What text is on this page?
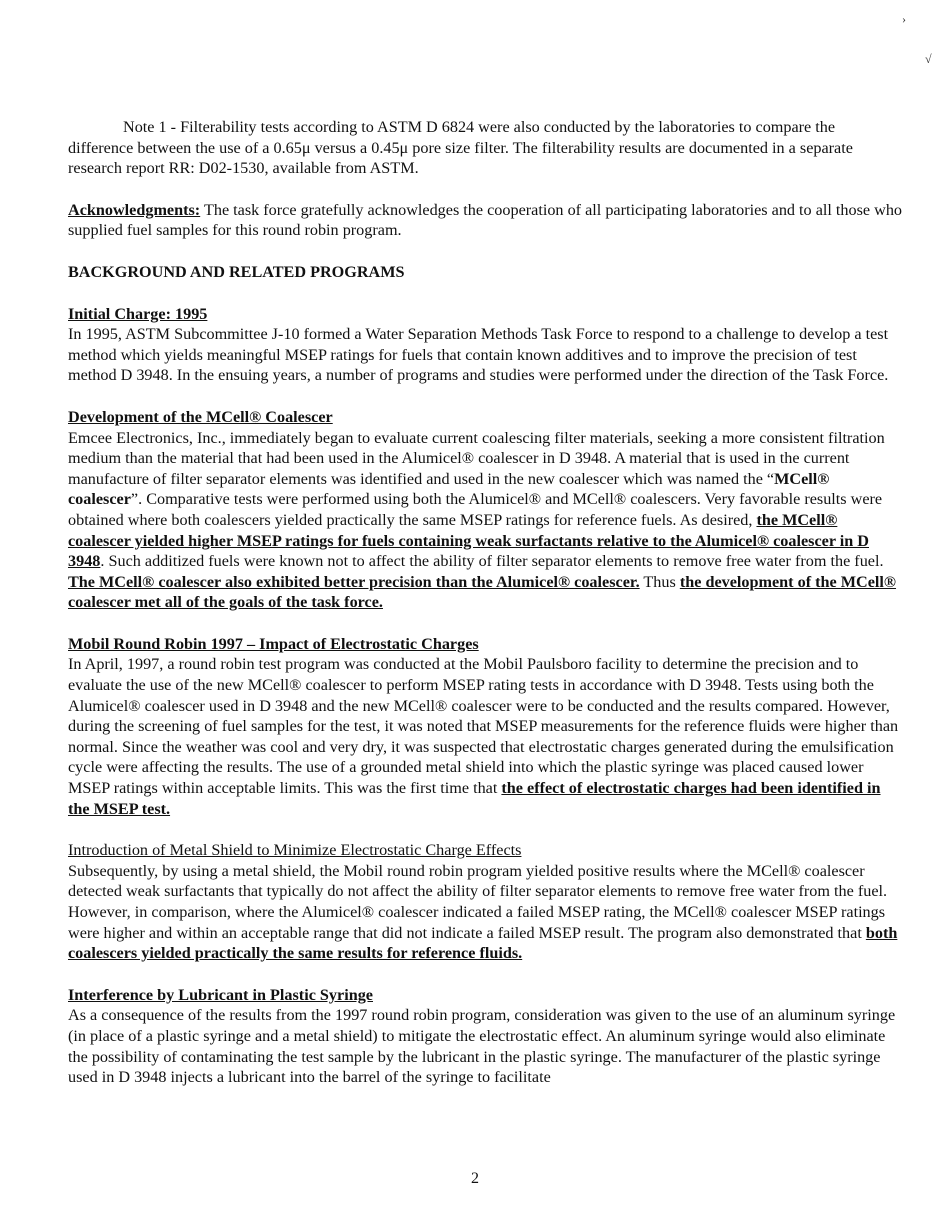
›
√

Note 1 - Filterability tests according to ASTM D 6824 were also conducted by the laboratories to compare the difference between the use of a 0.65μ versus a 0.45μ pore size filter. The filterability results are documented in a separate research report RR: D02-1530, available from ASTM.

Acknowledgments: The task force gratefully acknowledges the cooperation of all participating laboratories and to all those who supplied fuel samples for this round robin program.

BACKGROUND AND RELATED PROGRAMS

Initial Charge: 1995

In 1995, ASTM Subcommittee J-10 formed a Water Separation Methods Task Force to respond to a challenge to develop a test method which yields meaningful MSEP ratings for fuels that contain known additives and to improve the precision of test method D 3948. In the ensuing years, a number of programs and studies were performed under the direction of the Task Force.

Development of the MCell® Coalescer

Emcee Electronics, Inc., immediately began to evaluate current coalescing filter materials, seeking a more consistent filtration medium than the material that had been used in the Alumicel® coalescer in D 3948. A material that is used in the current manufacture of filter separator elements was identified and used in the new coalescer which was named the “MCell® coalescer”. Comparative tests were performed using both the Alumicel® and MCell® coalescers. Very favorable results were obtained where both coalescers yielded practically the same MSEP ratings for reference fuels. As desired, the MCell® coalescer yielded higher MSEP ratings for fuels containing weak surfactants relative to the Alumicel® coalescer in D 3948. Such additized fuels were known not to affect the ability of filter separator elements to remove free water from the fuel. The MCell® coalescer also exhibited better precision than the Alumicel® coalescer. Thus the development of the MCell® coalescer met all of the goals of the task force.

Mobil Round Robin 1997 – Impact of Electrostatic Charges

In April, 1997, a round robin test program was conducted at the Mobil Paulsboro facility to determine the precision and to evaluate the use of the new MCell® coalescer to perform MSEP rating tests in accordance with D 3948. Tests using both the Alumicel® coalescer used in D 3948 and the new MCell® coalescer were to be conducted and the results compared. However, during the screening of fuel samples for the test, it was noted that MSEP measurements for the reference fluids were higher than normal. Since the weather was cool and very dry, it was suspected that electrostatic charges generated during the emulsification cycle were affecting the results. The use of a grounded metal shield into which the plastic syringe was placed caused lower MSEP ratings within acceptable limits. This was the first time that the effect of electrostatic charges had been identified in the MSEP test.

Introduction of Metal Shield to Minimize Electrostatic Charge Effects

Subsequently, by using a metal shield, the Mobil round robin program yielded positive results where the MCell® coalescer detected weak surfactants that typically do not affect the ability of filter separator elements to remove free water from the fuel. However, in comparison, where the Alumicel® coalescer indicated a failed MSEP rating, the MCell® coalescer MSEP ratings were higher and within an acceptable range that did not indicate a failed MSEP result. The program also demonstrated that both coalescers yielded practically the same results for reference fluids.

Interference by Lubricant in Plastic Syringe

As a consequence of the results from the 1997 round robin program, consideration was given to the use of an aluminum syringe (in place of a plastic syringe and a metal shield) to mitigate the electrostatic effect. An aluminum syringe would also eliminate the possibility of contaminating the test sample by the lubricant in the plastic syringe. The manufacturer of the plastic syringe used in D 3948 injects a lubricant into the barrel of the syringe to facilitate

2
